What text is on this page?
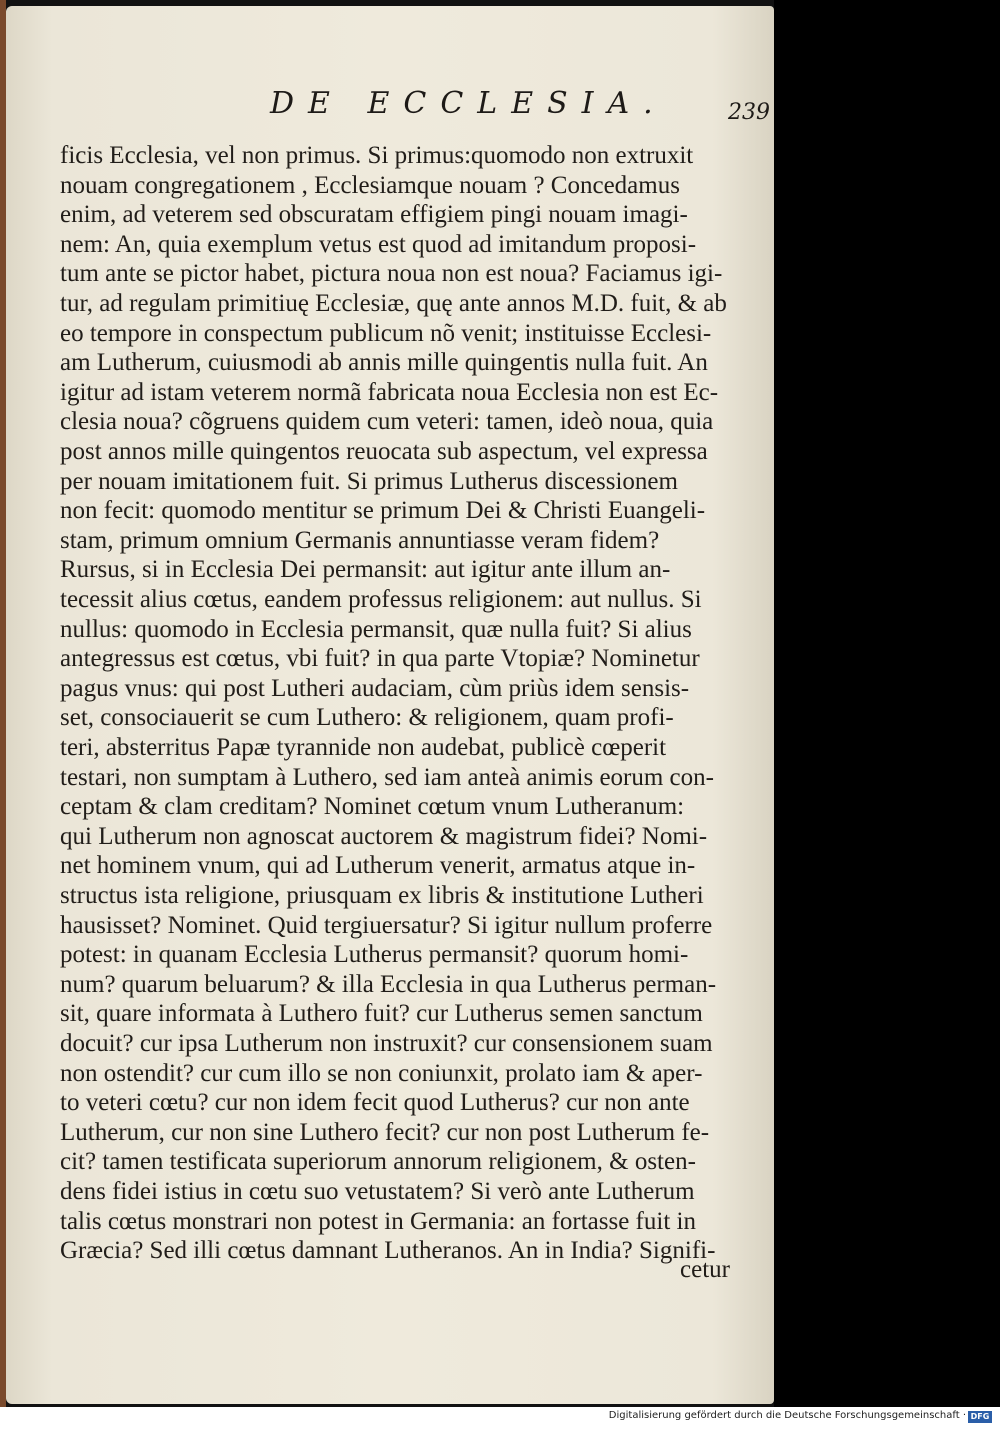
DE ECCLESIA.	239

ficis Ecclesia, vel non primus. Si primus:quomodo non extruxit

nouam congregationem , Ecclesiamque nouam ? Concedamus

enim, ad veterem sed obscuratam effigiem pingi nouam imagi-

nem: An, quia exemplum vetus est quod ad imitandum proposi-

tum ante se pictor habet, pictura noua non est noua? Faciamus igi-

tur, ad regulam primitiuę Ecclesiæ, quę ante annos M.D. fuit, & ab

eo tempore in conspectum publicum nõ venit; instituisse Ecclesi-

am Lutherum, cuiusmodi ab annis mille quingentis nulla fuit. An

igitur ad istam veterem normã fabricata noua Ecclesia non est Ec-

clesia noua? cõgruens quidem cum veteri: tamen, ideò noua, quia

post annos mille quingentos reuocata sub aspectum, vel expressa

per nouam imitationem fuit. Si primus Lutherus discessionem

non fecit: quomodo mentitur se primum Dei & Christi Euangeli-

stam, primum omnium Germanis annuntiasse veram fidem?

Rursus, si in Ecclesia Dei permansit: aut igitur ante illum an-

tecessit alius cœtus, eandem professus religionem: aut nullus. Si

nullus: quomodo in Ecclesia permansit, quæ nulla fuit? Si alius

antegressus est cœtus, vbi fuit? in qua parte Vtopiæ? Nominetur

pagus vnus: qui post Lutheri audaciam, cùm priùs idem sensis-

set, consociauerit se cum Luthero: & religionem, quam profi-

teri, absterritus Papæ tyrannide non audebat, publicè cœperit

testari, non sumptam à Luthero, sed iam anteà animis eorum con-

ceptam & clam creditam? Nominet cœtum vnum Lutheranum:

qui Lutherum non agnoscat auctorem & magistrum fidei? Nomi-

net hominem vnum, qui ad Lutherum venerit, armatus atque in-

structus ista religione, priusquam ex libris & institutione Lutheri

hausisset? Nominet. Quid tergiuersatur? Si igitur nullum proferre

potest: in quanam Ecclesia Lutherus permansit? quorum homi-

num? quarum beluarum? & illa Ecclesia in qua Lutherus perman-

sit, quare informata à Luthero fuit? cur Lutherus semen sanctum

docuit? cur ipsa Lutherum non instruxit? cur consensionem suam

non ostendit? cur cum illo se non coniunxit, prolato iam & aper-

to veteri cœtu? cur non idem fecit quod Lutherus? cur non ante

Lutherum, cur non sine Luthero fecit? cur non post Lutherum fe-

cit? tamen testificata superiorum annorum religionem, & osten-

dens fidei istius in cœtu suo vetustatem? Si verò ante Lutherum

talis cœtus monstrari non potest in Germania: an fortasse fuit in

Græcia? Sed illi cœtus damnant Lutheranos. An in India? Signifi-

cetur
Digitalisierung gefördert durch die Deutsche Forschungsgemeinschaft · DFG
